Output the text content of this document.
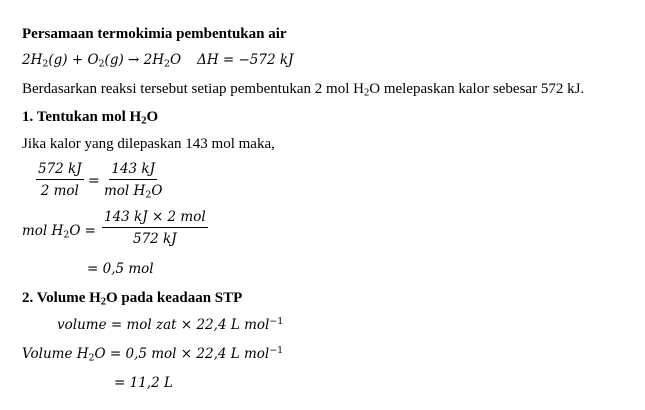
Persamaan termokimia pembentukan air
$2H_2(g) + O_2(g) \to 2H_2O$ ΔH = −572 kJ
Berdasarkan reaksi tersebut setiap pembentukan 2 mol $H_2O$ melepaskan kalor sebesar 572 kJ.
1. Tentukan mol $H_2O$
Jika kalor yang dilepaskan 143 mol maka,
572 kJ
2 mol
=
143 kJ
mol $H_2O$
mol $H_2O$ =
143 kJ × 2 mol
572 kJ
= 0,5 mol
2. Volume $H_2O$ pada keadaan STP
volume = mol zat × 22,4 L mol$^{-1}$
Volume $H_2O = 0,5$ mol × 22,4 L mol$^{-1}$
= 11,2 L
